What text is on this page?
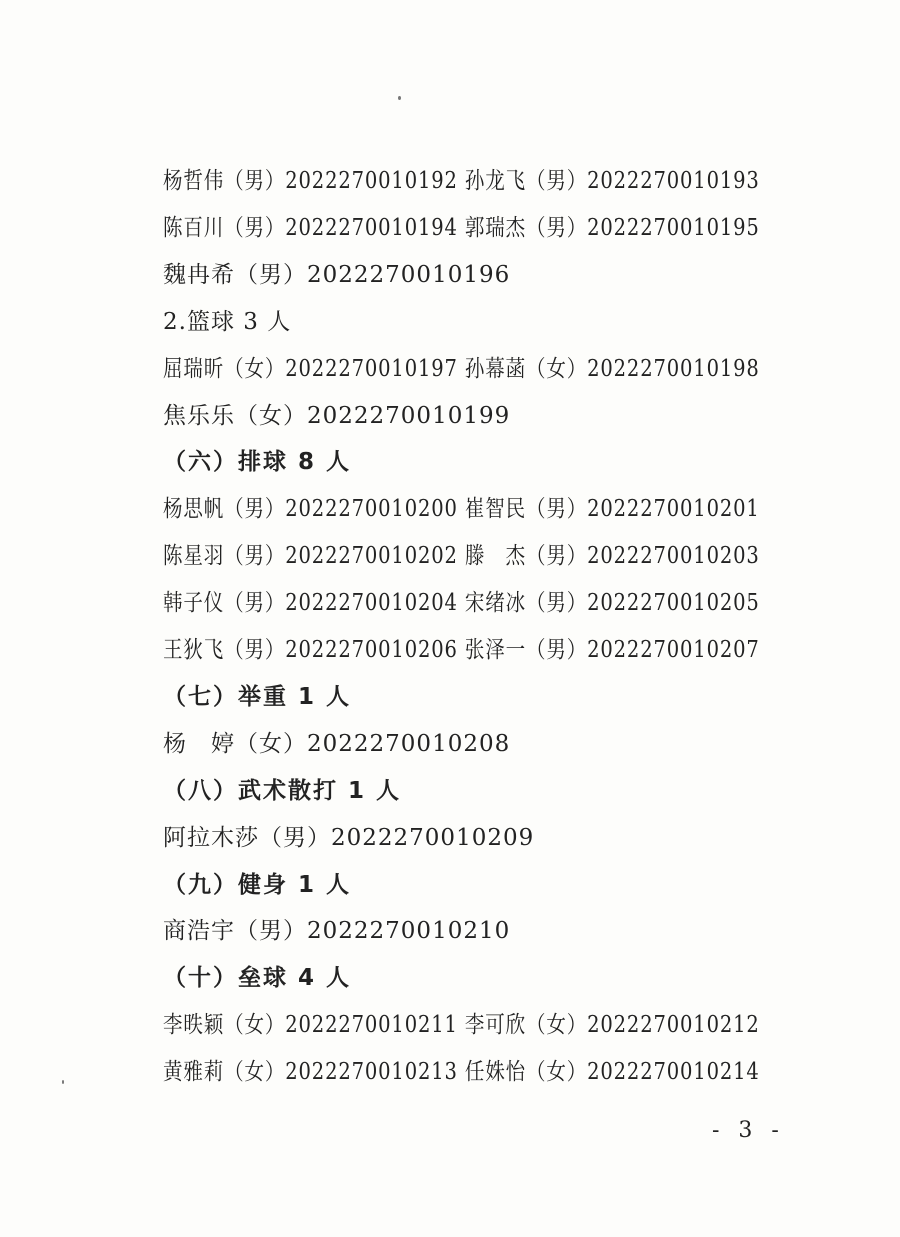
杨哲伟（男）2022270010192 孙龙飞（男）2022270010193
陈百川（男）2022270010194 郭瑞杰（男）2022270010195
魏冉希（男）2022270010196
2.篮球 3 人
屈瑞昕（女）2022270010197 孙幕菡（女）2022270010198
焦乐乐（女）2022270010199
（六）排球 8 人
杨思帆（男）2022270010200 崔智民（男）2022270010201
陈星羽（男）2022270010202 滕　杰（男）2022270010203
韩子仪（男）2022270010204 宋绪冰（男）2022270010205
王狄飞（男）2022270010206 张泽一（男）2022270010207
（七）举重 1 人
杨　婷（女）2022270010208
（八）武术散打 1 人
阿拉木莎（男）2022270010209
（九）健身 1 人
商浩宇（男）2022270010210
（十）垒球 4 人
李昳颖（女）2022270010211 李可欣（女）2022270010212
黄雅莉（女）2022270010213 任姝怡（女）2022270010214
- 3 -
